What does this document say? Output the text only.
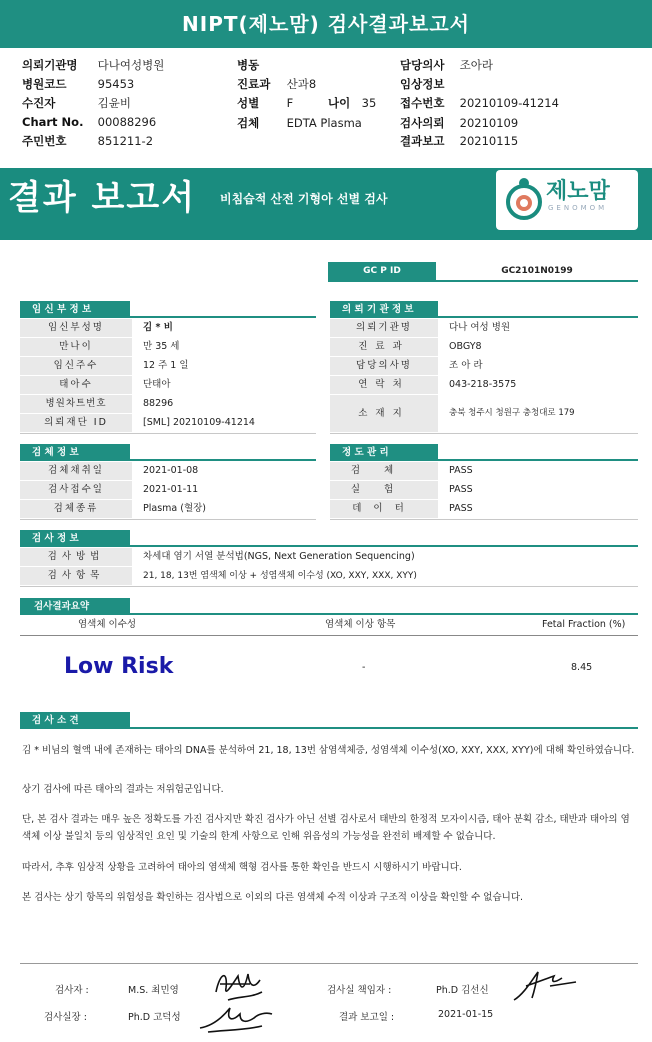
NIPT(제노맘) 검사결과보고서
의뢰기관명 다나여성병원
병원코드	95453
수진자	김윤비
Chart No. 00088296
주민번호	851211-2
병동
진료과 산과8
성별 F	나이 35
검체 EDTA Plasma
담당의사 조아라
임상정보
접수번호 20210109-41214
검사의뢰 20210109
결과보고 20210115
결과 보고서 비침습적 산전 기형아 선별 검사	제노맘
GENOMOM
GC P ID	GC2101N0199
임 신 부 정 보
임신부성명	김 * 비
만나이	만 35 세
임신주수	12 주 1 일
태아수	단태아
병원차트번호	88296
의뢰재단 ID	[SML] 20210109-41214
의 뢰 기 관 정 보
의뢰기관명	다나 여성 병원
진료과	OBGY8
담당의사명	조 아 라
연락처	043-218-3575
소재지	충북 청주시 청원구 충청대로 179
검 체 정 보
검체채취일	2021-01-08
검사접수일	2021-01-11
검체종류	Plasma (혈장)
정 도 관 리
검체	PASS
실험	PASS
데이터	PASS
검 사 정 보
검사방법	차세대 염기 서열 분석법(NGS, Next Generation Sequencing)
검사항목	21, 18, 13번 염색체 이상 + 성염색체 이수성 (XO, XXY, XXX, XYY)
검사결과요약
염색체 이수성	염색체 이상 항목	Fetal Fraction (%)
Low Risk	-	8.45
검 사 소 견
김 * 비님의 혈액 내에 존재하는 태아의 DNA를 분석하여 21, 18, 13번 삼염색체증, 성염색체 이수성(XO, XXY, XXX, XYY)에 대해 확인하였습니다.
상기 검사에 따른 태아의 결과는 저위험군입니다.
단, 본 검사 결과는 매우 높은 정확도를 가진 검사지만 확진 검사가 아닌 선별 검사로서 태반의 한정적 모자이시즘, 태아 분획 감소, 태반과 태아의 염색체 이상 불일치 등의 임상적인 요인 및 기술의 한계 사항으로 인해 위음성의 가능성을 완전히 배제할 수 없습니다.
따라서, 추후 임상적 상황을 고려하여 태아의 염색체 핵형 검사를 통한 확인을 반드시 시행하시기 바랍니다.
본 검사는 상기 항목의 위험성을 확인하는 검사법으로 이외의 다른 염색체 수적 이상과 구조적 이상을 확인할 수 없습니다.
검사자 :	M.S. 최민영	검사실 책임자 :	Ph.D 김선신
검사실장 :	Ph.D 고덕성	결과 보고일 :	2021-01-15
